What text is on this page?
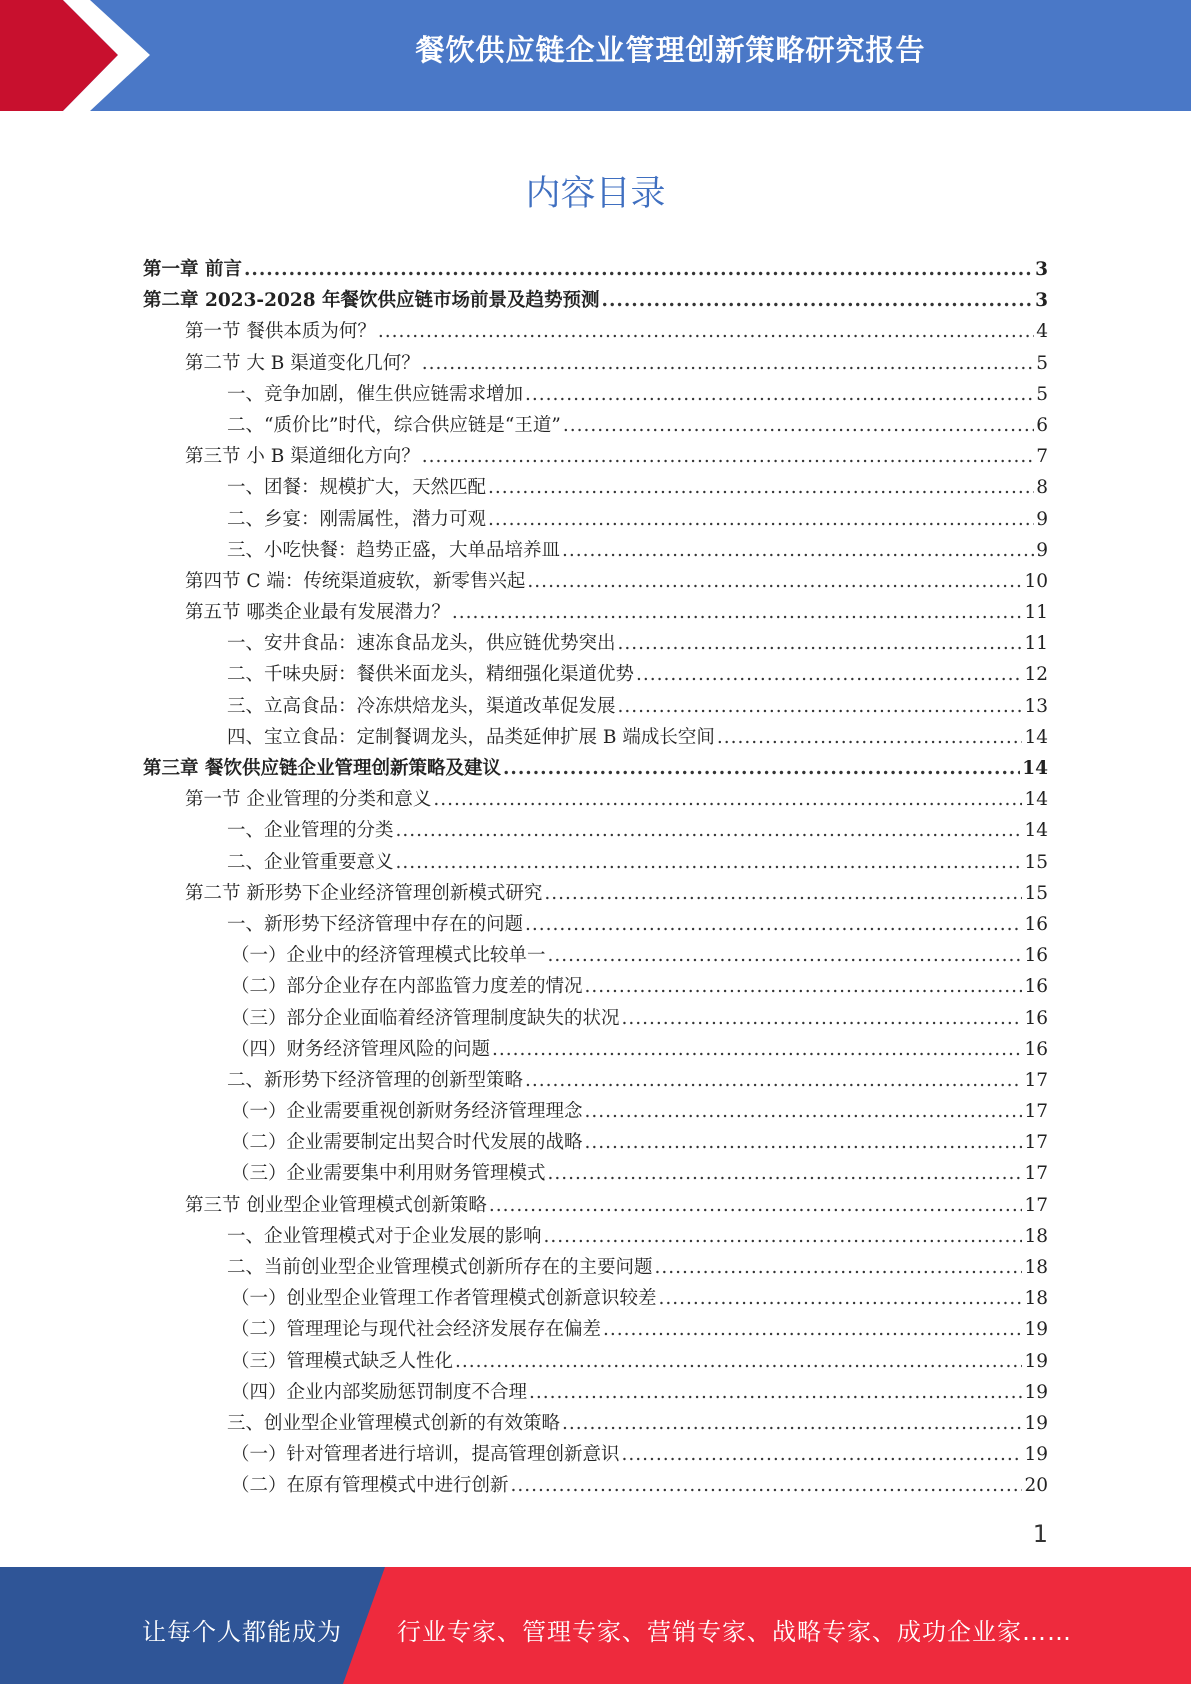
餐饮供应链企业管理创新策略研究报告
内容目录
第一章 前言 .....	3
第二章 2023-2028 年餐饮供应链市场前景及趋势预测 .....	3
第一节 餐供本质为何？ .....	4
第二节 大 B 渠道变化几何？ .....	5
一、竞争加剧，催生供应链需求增加 .....	5
二、“质价比”时代，综合供应链是“王道” .....	6
第三节 小 B 渠道细化方向？ .....	7
一、团餐：规模扩大，天然匹配 .....	8
二、乡宴：刚需属性，潜力可观 .....	9
三、小吃快餐：趋势正盛，大单品培养皿 .....	9
第四节 C 端：传统渠道疲软，新零售兴起 .....	10
第五节 哪类企业最有发展潜力？ .....	11
一、安井食品：速冻食品龙头，供应链优势突出 .....	11
二、千味央厨：餐供米面龙头，精细强化渠道优势 .....	12
三、立高食品：冷冻烘焙龙头，渠道改革促发展 .....	13
四、宝立食品：定制餐调龙头，品类延伸扩展 B 端成长空间 .....	14
第三章 餐饮供应链企业管理创新策略及建议 .....	14
第一节 企业管理的分类和意义 .....	14
一、企业管理的分类 .....	14
二、企业管重要意义 .....	15
第二节 新形势下企业经济管理创新模式研究 .....	15
一、新形势下经济管理中存在的问题 .....	16
（一）企业中的经济管理模式比较单一 .....	16
（二）部分企业存在内部监管力度差的情况 .....	16
（三）部分企业面临着经济管理制度缺失的状况 .....	16
（四）财务经济管理风险的问题 .....	16
二、新形势下经济管理的创新型策略 .....	17
（一）企业需要重视创新财务经济管理理念 .....	17
（二）企业需要制定出契合时代发展的战略 .....	17
（三）企业需要集中利用财务管理模式 .....	17
第三节 创业型企业管理模式创新策略 .....	17
一、企业管理模式对于企业发展的影响 .....	18
二、当前创业型企业管理模式创新所存在的主要问题 .....	18
（一）创业型企业管理工作者管理模式创新意识较差 .....	18
（二）管理理论与现代社会经济发展存在偏差 .....	19
（三）管理模式缺乏人性化 .....	19
（四）企业内部奖励惩罚制度不合理 .....	19
三、创业型企业管理模式创新的有效策略 .....	19
（一）针对管理者进行培训，提高管理创新意识 .....	19
（二）在原有管理模式中进行创新 .....	20
1
让每个人都能成为 行业专家、管理专家、营销专家、战略专家、成功企业家……
